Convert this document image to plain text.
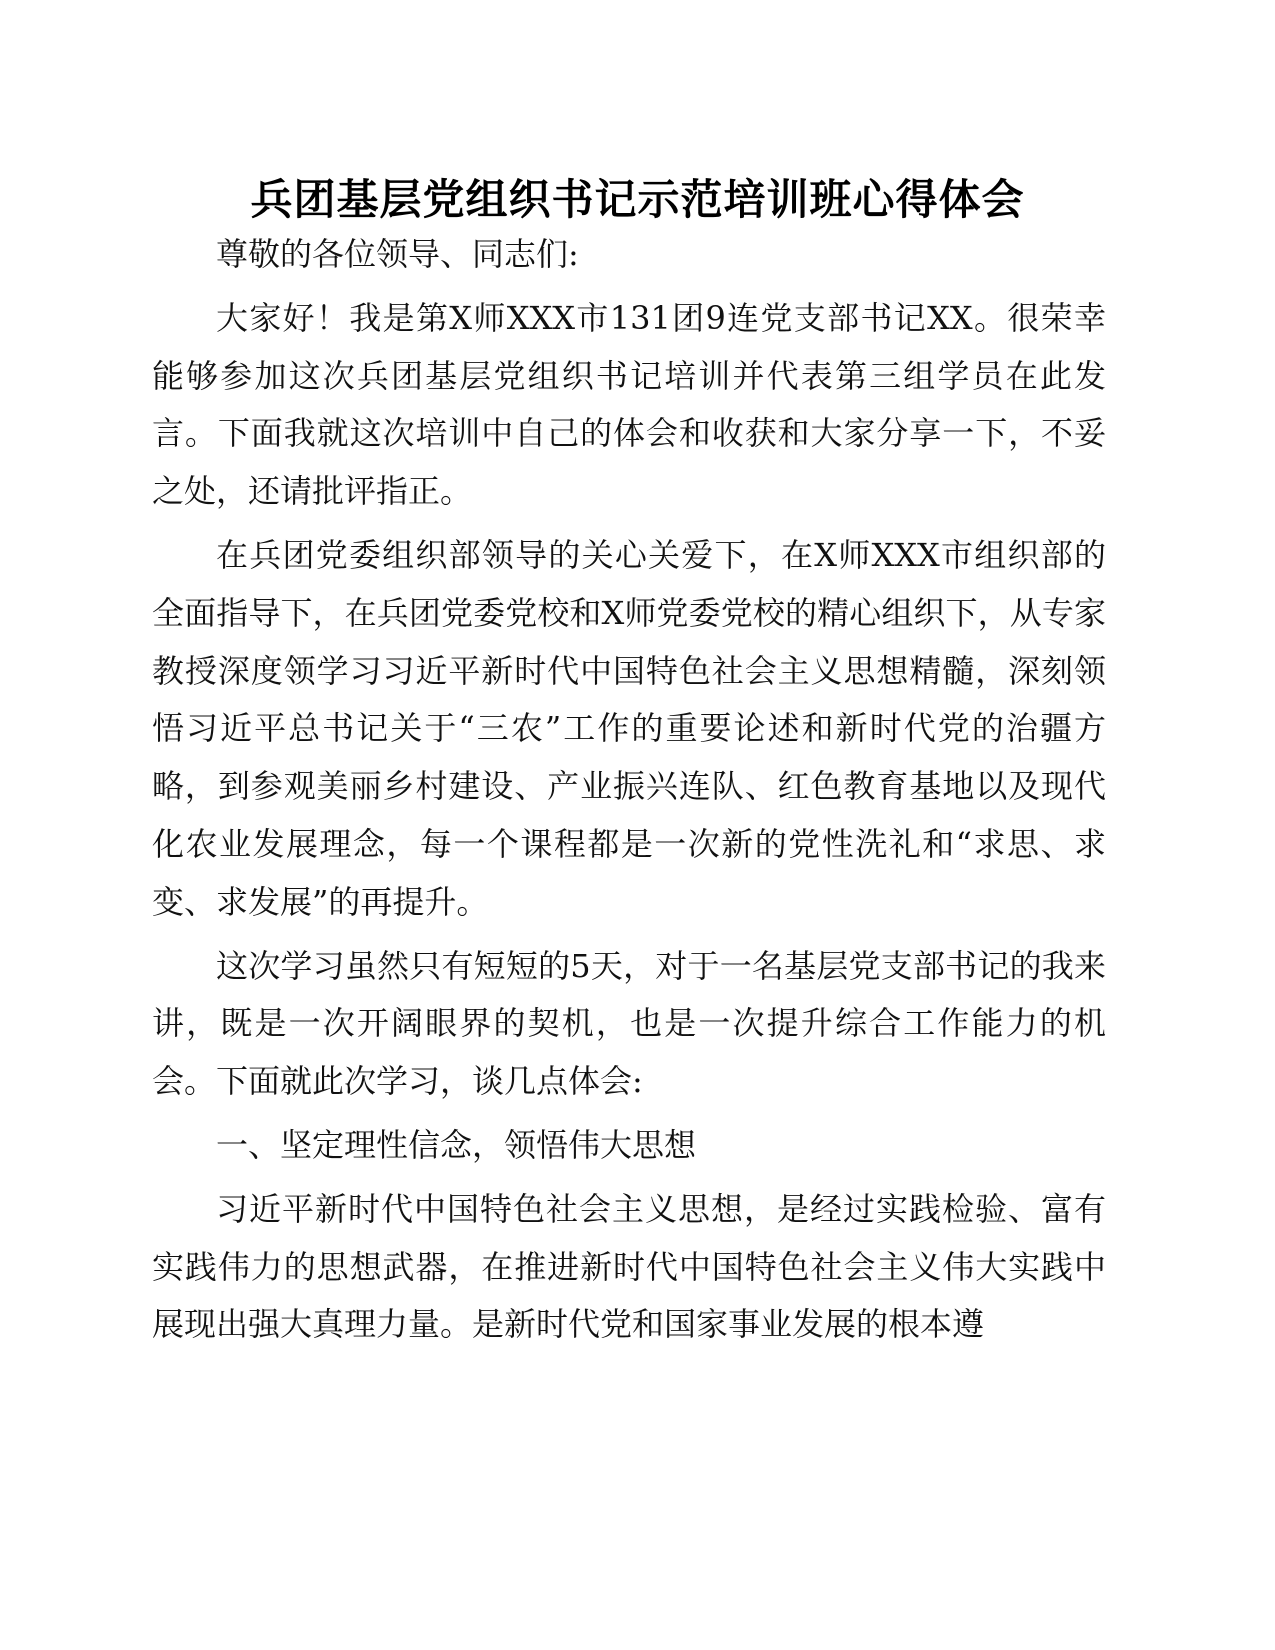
兵团基层党组织书记示范培训班心得体会

尊敬的各位领导、同志们:

大家好！我是第X师XXX市131团9连党支部书记XX。很荣幸能够参加这次兵团基层党组织书记培训并代表第三组学员在此发言。下面我就这次培训中自己的体会和收获和大家分享一下，不妥之处，还请批评指正。

在兵团党委组织部领导的关心关爱下，在X师XXX市组织部的全面指导下，在兵团党委党校和X师党委党校的精心组织下，从专家教授深度领学习习近平新时代中国特色社会主义思想精髓，深刻领悟习近平总书记关于“三农”工作的重要论述和新时代党的治疆方略，到参观美丽乡村建设、产业振兴连队、红色教育基地以及现代化农业发展理念，每一个课程都是一次新的党性洗礼和“求思、求变、求发展”的再提升。

这次学习虽然只有短短的5天，对于一名基层党支部书记的我来讲，既是一次开阔眼界的契机，也是一次提升综合工作能力的机会。下面就此次学习，谈几点体会:

一、坚定理性信念，领悟伟大思想

习近平新时代中国特色社会主义思想，是经过实践检验、富有实践伟力的思想武器，在推进新时代中国特色社会主义伟大实践中展现出强大真理力量。是新时代党和国家事业发展的根本遵
